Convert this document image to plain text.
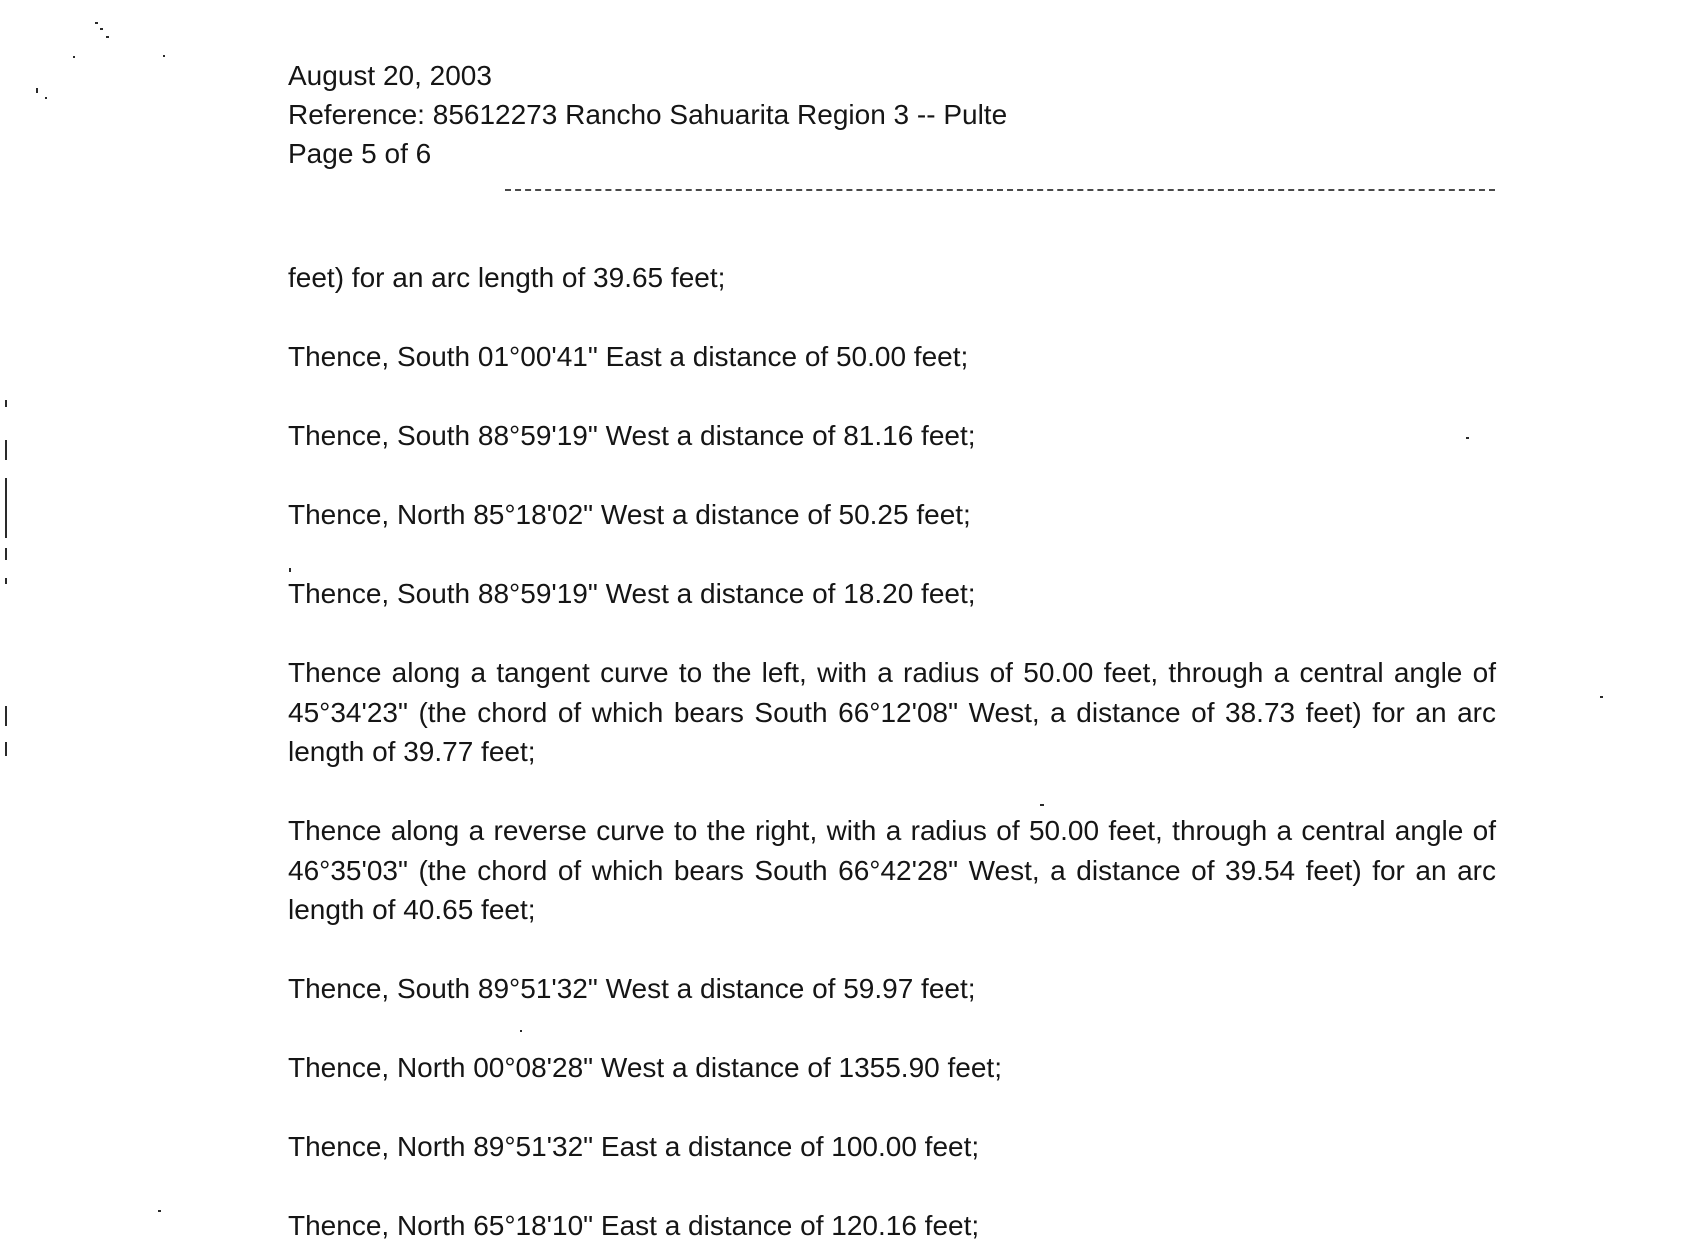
August 20, 2003
Reference: 85612273 Rancho Sahuarita Region 3 -- Pulte
Page 5 of 6

feet) for an arc length of 39.65 feet;

Thence, South 01°00'41" East a distance of 50.00 feet;

Thence, South 88°59'19" West a distance of 81.16 feet;

Thence, North 85°18'02" West a distance of 50.25 feet;

Thence, South 88°59'19" West a distance of 18.20 feet;

Thence along a tangent curve to the left, with a radius of 50.00 feet, through a central angle of 45°34'23" (the chord of which bears South 66°12'08" West, a distance of 38.73 feet) for an arc length of 39.77 feet;

Thence along a reverse curve to the right, with a radius of 50.00 feet, through a central angle of 46°35'03" (the chord of which bears South 66°42'28" West, a distance of 39.54 feet) for an arc length of 40.65 feet;

Thence, South 89°51'32" West a distance of 59.97 feet;

Thence, North 00°08'28" West a distance of 1355.90 feet;

Thence, North 89°51'32" East a distance of 100.00 feet;

Thence, North 65°18'10" East a distance of 120.16 feet;
